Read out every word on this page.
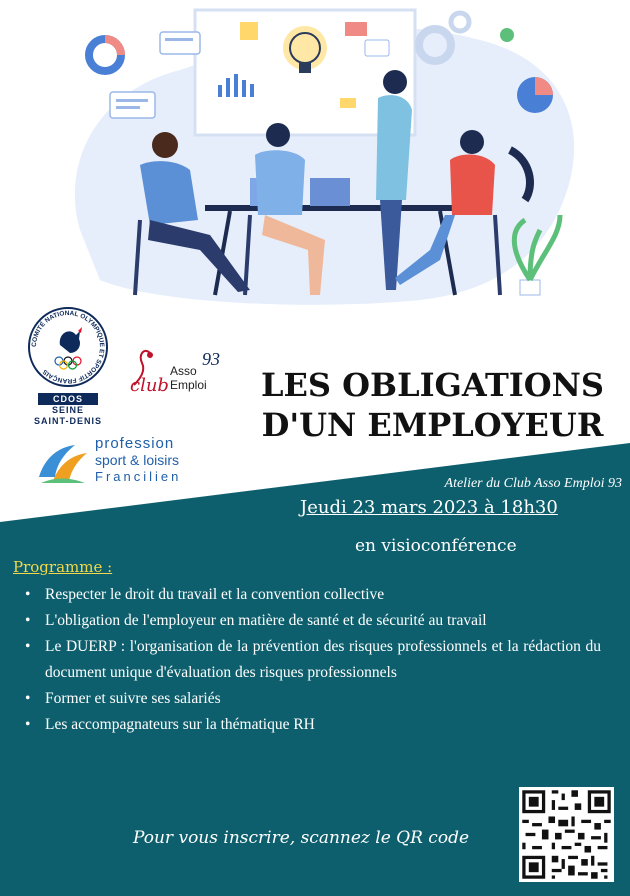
COMITÉ NATIONAL OLYMPIQUE ET SPORTIF FRANÇAIS
CDOS
SEINE
SAINT-DENIS
93
club
Asso
Emploi
profession
sport & loisirs
Francilien
LES OBLIGATIONS
D'UN EMPLOYEUR
Atelier du Club Asso Emploi 93
Jeudi 23 mars 2023 à 18h30
en visioconférence
Programme :
• Respecter le droit du travail et la convention collective
• L'obligation de l'employeur en matière de santé et de sécurité au travail
• Le DUERP : l'organisation de la prévention des risques professionnels et la rédaction du document unique d'évaluation des risques professionnels
• Former et suivre ses salariés
• Les accompagnateurs sur la thématique RH
Pour vous inscrire, scannez le QR code
